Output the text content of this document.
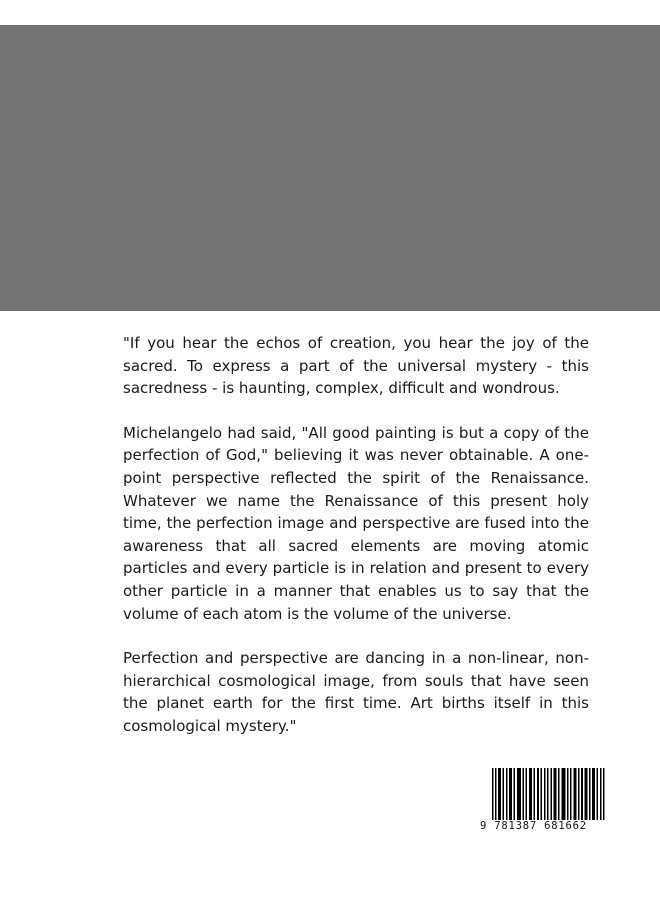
"If you hear the echos of creation, you hear the joy of the sacred. To express a part of the universal mystery - this sacredness - is haunting, complex, difficult and wondrous.

Michelangelo had said, "All good painting is but a copy of the perfection of God," believing it was never obtainable. A one-point perspective reflected the spirit of the Renaissance. Whatever we name the Renaissance of this present holy time, the perfection image and perspective are fused into the awareness that all sacred elements are moving atomic particles and every particle is in relation and present to every other particle in a manner that enables us to say that the volume of each atom is the volume of the universe.

Perfection and perspective are dancing in a non-linear, non-hierarchical cosmological image, from souls that have seen the planet earth for the first time. Art births itself in this cosmological mystery."

9 781387 681662
